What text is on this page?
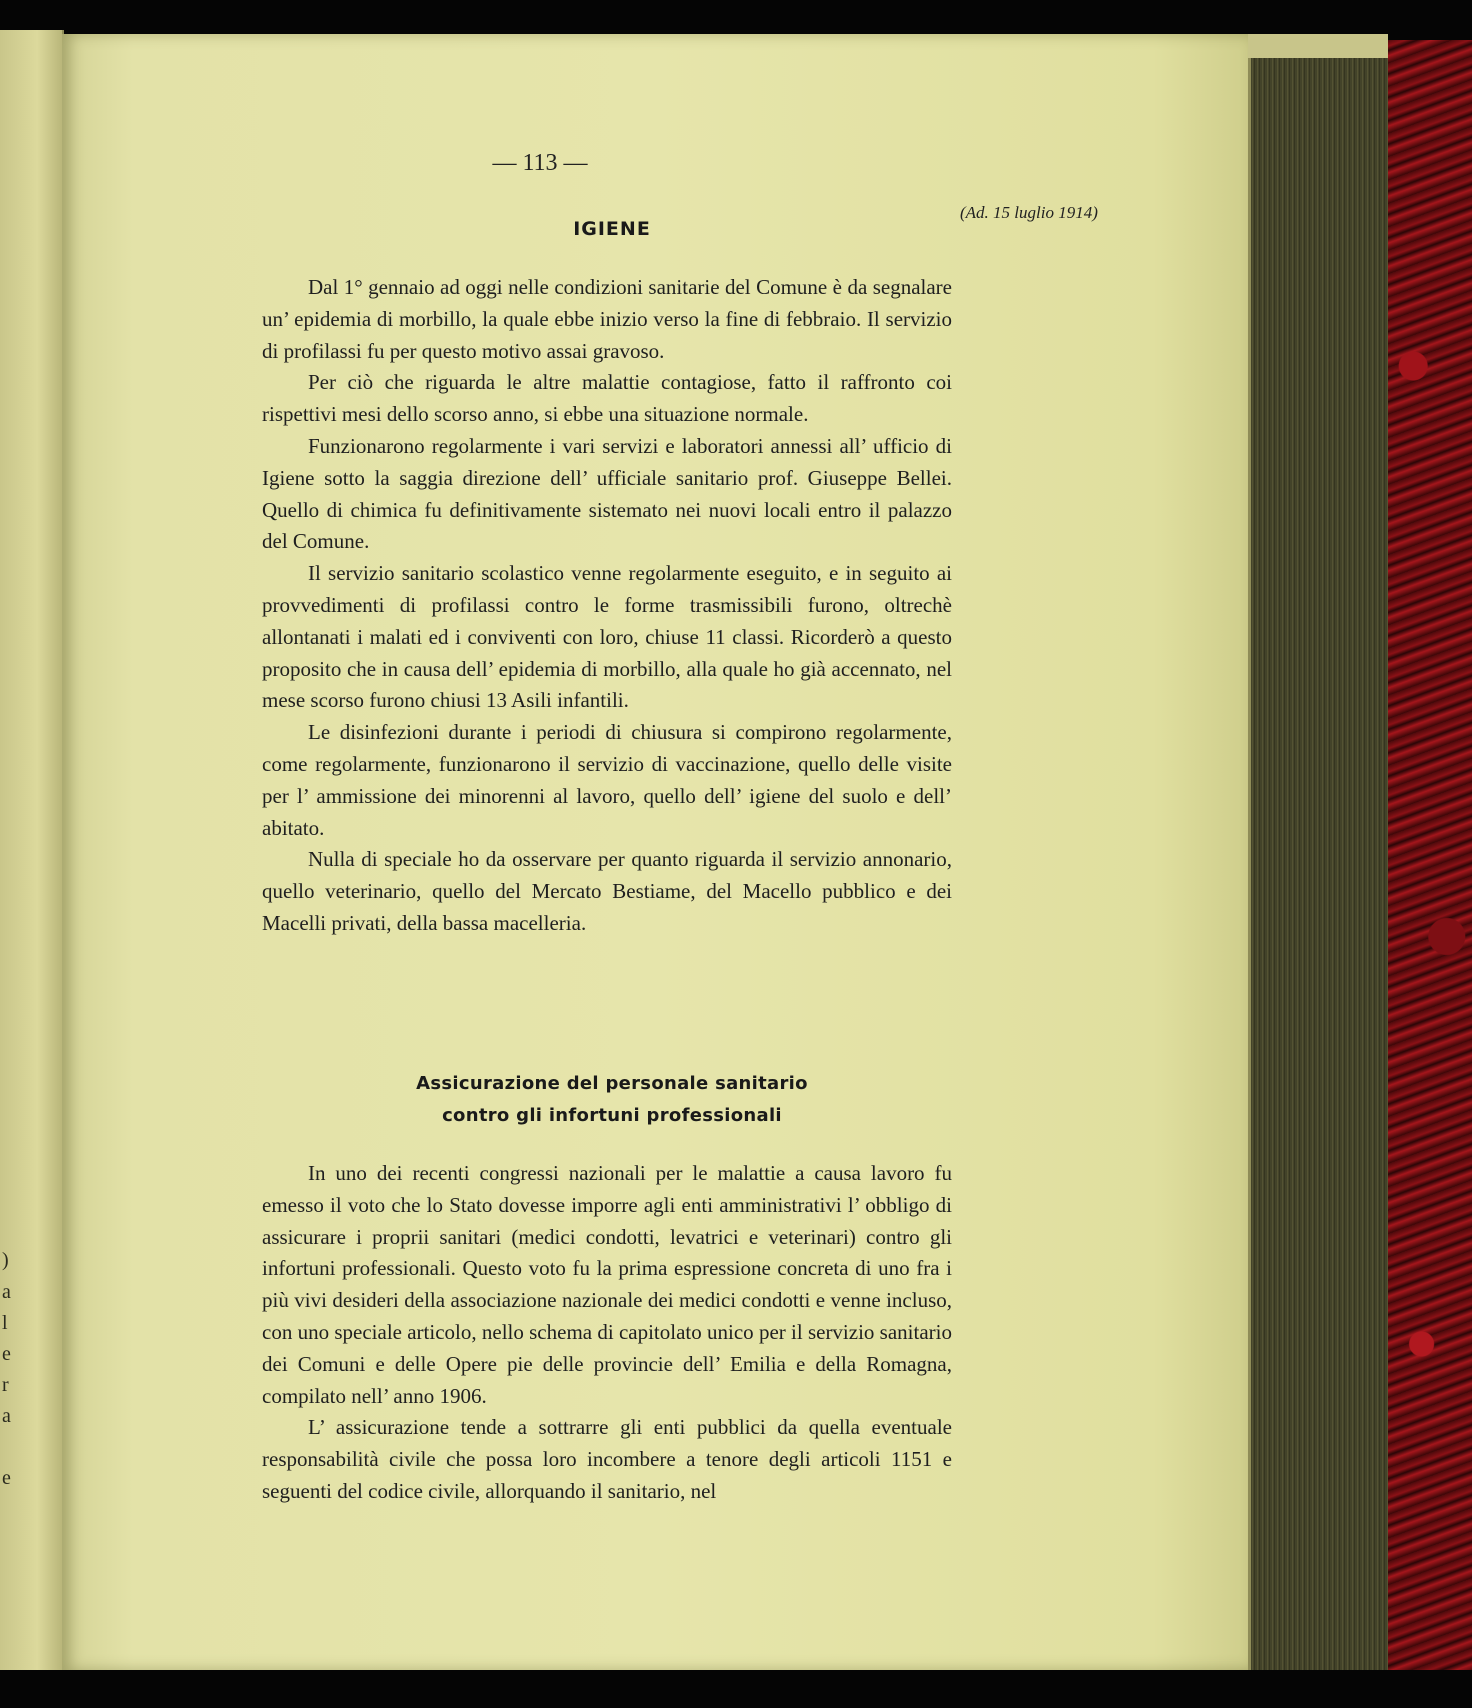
)
a
l
e
r
a
e
— 113 —
(Ad. 15 luglio 1914)
IGIENE

Dal 1° gennaio ad oggi nelle condizioni sanitarie del Comune è da segnalare un’ epidemia di morbillo, la quale ebbe inizio verso la fine di febbraio. Il servizio di profilassi fu per questo motivo assai gravoso.

Per ciò che riguarda le altre malattie contagiose, fatto il raffronto coi rispettivi mesi dello scorso anno, si ebbe una situazione normale.

Funzionarono regolarmente i vari servizi e laboratori annessi all’ ufficio di Igiene sotto la saggia direzione dell’ ufficiale sanitario prof. Giuseppe Bellei. Quello di chimica fu definitivamente sistemato nei nuovi locali entro il palazzo del Comune.

Il servizio sanitario scolastico venne regolarmente eseguito, e in seguito ai provvedimenti di profilassi contro le forme trasmissibili furono, oltrechè allontanati i malati ed i conviventi con loro, chiuse 11 classi. Ricorderò a questo proposito che in causa dell’ epidemia di morbillo, alla quale ho già accennato, nel mese scorso furono chiusi 13 Asili infantili.

Le disinfezioni durante i periodi di chiusura si compirono regolarmente, come regolarmente, funzionarono il servizio di vaccinazione, quello delle visite per l’ ammissione dei minorenni al lavoro, quello dell’ igiene del suolo e dell’ abitato.

Nulla di speciale ho da osservare per quanto riguarda il servizio annonario, quello veterinario, quello del Mercato Bestiame, del Macello pubblico e dei Macelli privati, della bassa macelleria.

Assicurazione del personale sanitario
contro gli infortuni professionali

In uno dei recenti congressi nazionali per le malattie a causa lavoro fu emesso il voto che lo Stato dovesse imporre agli enti amministrativi l’ obbligo di assicurare i proprii sanitari (medici condotti, levatrici e veterinari) contro gli infortuni professionali. Questo voto fu la prima espressione concreta di uno fra i più vivi desideri della associazione nazionale dei medici condotti e venne incluso, con uno speciale articolo, nello schema di capitolato unico per il servizio sanitario dei Comuni e delle Opere pie delle provincie dell’ Emilia e della Romagna, compilato nell’ anno 1906.

L’ assicurazione tende a sottrarre gli enti pubblici da quella eventuale responsabilità civile che possa loro incombere a tenore degli articoli 1151 e seguenti del codice civile, allorquando il sanitario, nel
